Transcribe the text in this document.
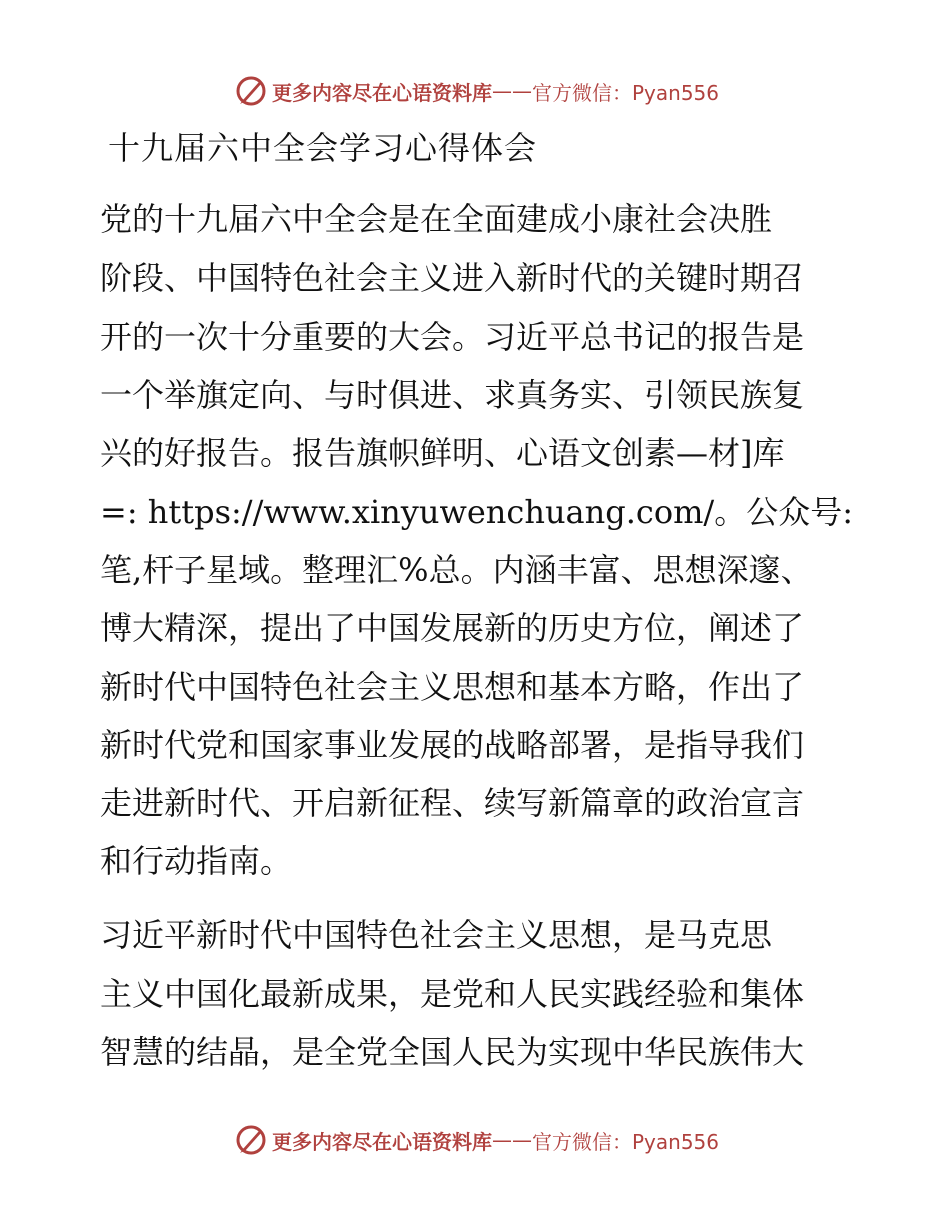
更多内容尽在心语资料库 —— 官方微信：Pyan556
十九届六中全会学习心得体会

党的十九届六中全会是在全面建成小康社会决胜

阶段、中国特色社会主义进入新时代的关键时期召

开的一次十分重要的大会。习近平总书记的报告是

一个举旗定向、与时俱进、求真务实、引领民族复

兴的好报告。报告旗帜鲜明、心语文创素—材]库

=: https://www.xinyuwenchuang.com/。公众号:

笔,杆子星域。整理汇%总。内涵丰富、思想深邃、

博大精深，提出了中国发展新的历史方位，阐述了

新时代中国特色社会主义思想和基本方略，作出了

新时代党和国家事业发展的战略部署，是指导我们

走进新时代、开启新征程、续写新篇章的政治宣言

和行动指南。

习近平新时代中国特色社会主义思想，是马克思

主义中国化最新成果，是党和人民实践经验和集体

智慧的结晶，是全党全国人民为实现中华民族伟大

更多内容尽在心语资料库 —— 官方微信：Pyan556
